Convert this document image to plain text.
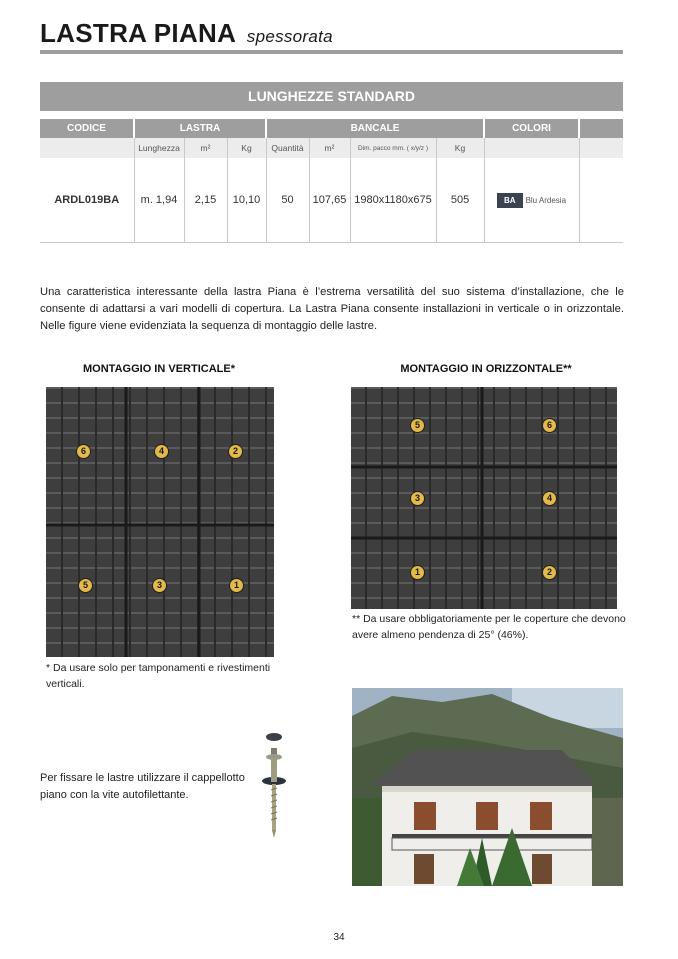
LASTRA PIANA spessorata
LUNGHEZZE STANDARD
CODICE	LASTRA			BANCALE				COLORI	
	Lunghezza	m²	Kg	Quantità	m²	Dim. pacco mm. ( x/y/z )	Kg		
ARDL019BA	m. 1,94	2,15	10,10	50	107,65	1980x1180x675	505	BA Blu Ardesia	
Una caratteristica interessante della lastra Piana è l’estrema versatilità del suo sistema d’installazione, che le consente di adattarsi a vari modelli di copertura. La Lastra Piana consente installazioni in verticale o in orizzontale. Nelle figure viene evidenziata la sequenza di montaggio delle lastre.
MONTAGGIO IN VERTICALE*
6	4	2
5	3	1
* Da usare solo per tamponamenti e rivestimenti verticali.
MONTAGGIO IN ORIZZONTALE**
5	6
3	4
1	2
** Da usare obbligatoriamente per le coperture che devono avere almeno pendenza di 25° (46%).
Per fissare le lastre utilizzare il cappellotto piano con la vite autofilettante.
34
